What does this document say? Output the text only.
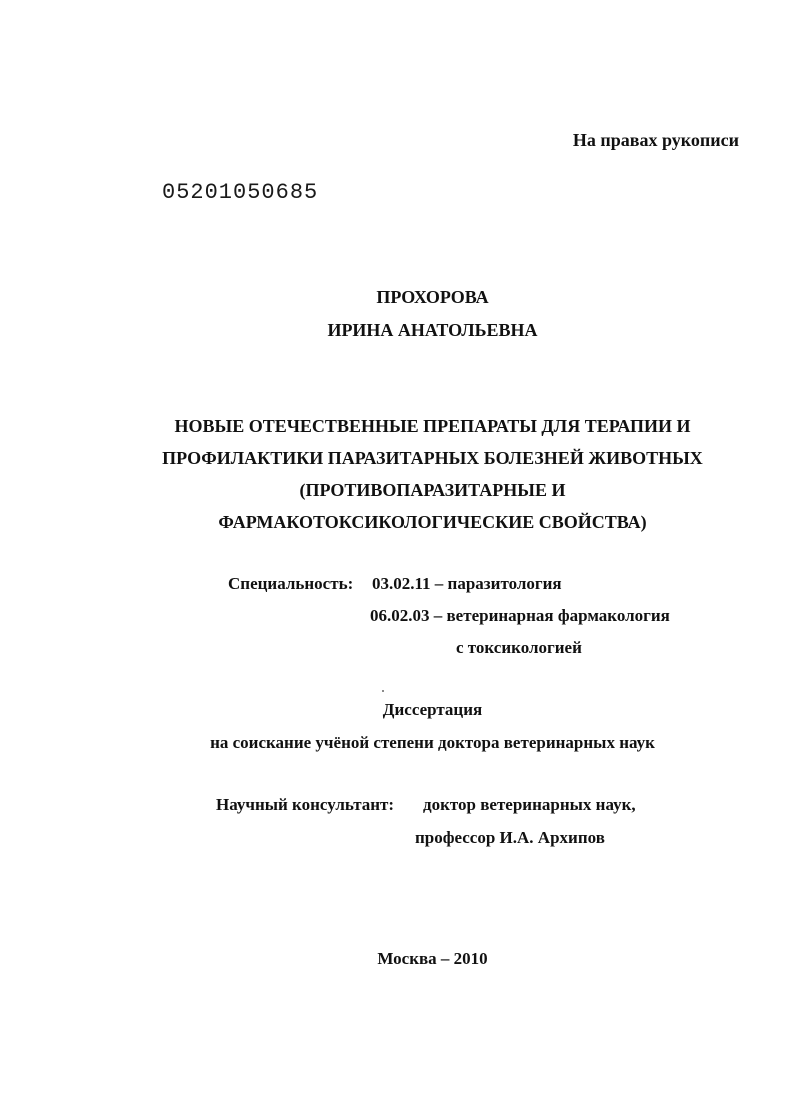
На правах рукописи
05201050685
ПРОХОРОВА
ИРИНА АНАТОЛЬЕВНА
НОВЫЕ ОТЕЧЕСТВЕННЫЕ ПРЕПАРАТЫ ДЛЯ ТЕРАПИИ И
ПРОФИЛАКТИКИ ПАРАЗИТАРНЫХ БОЛЕЗНЕЙ ЖИВОТНЫХ
(ПРОТИВОПАРАЗИТАРНЫЕ И
ФАРМАКОТОКСИКОЛОГИЧЕСКИЕ СВОЙСТВА)
Специальность: 03.02.11 – паразитология
06.02.03 – ветеринарная фармакология
с токсикологией
Диссертация
на соискание учёной степени доктора ветеринарных наук
Научный консультант: доктор ветеринарных наук,
профессор И.А. Архипов
Москва – 2010
